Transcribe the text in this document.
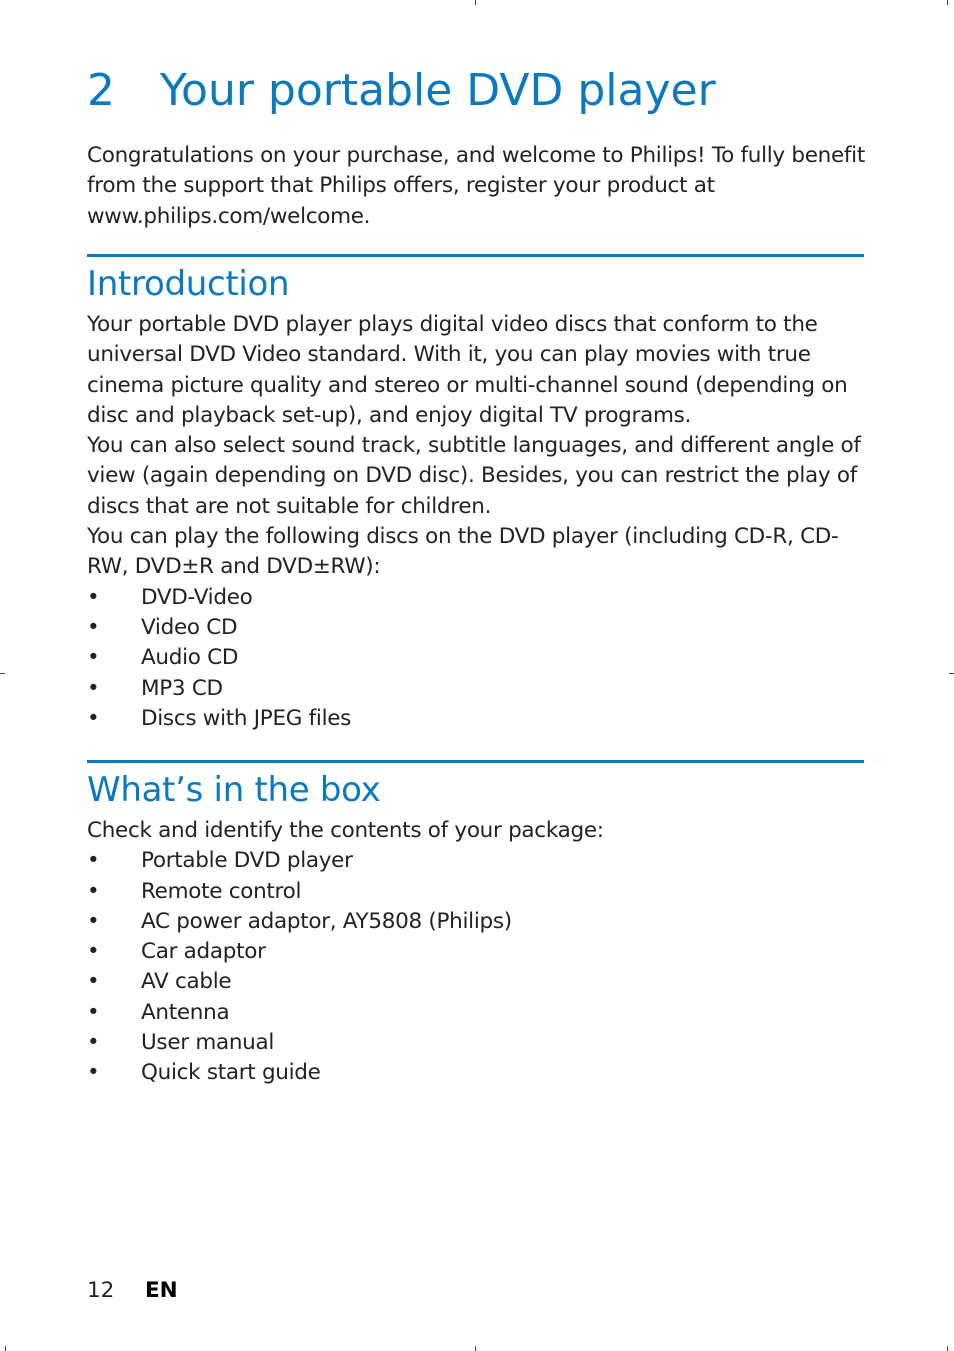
2 Your portable DVD player

Congratulations on your purchase, and welcome to Philips! To fully benefit from the support that Philips offers, register your product at www.philips.com/welcome.

Introduction

Your portable DVD player plays digital video discs that conform to the universal DVD Video standard. With it, you can play movies with true cinema picture quality and stereo or multi-channel sound (depending on disc and playback set-up), and enjoy digital TV programs.

You can also select sound track, subtitle languages, and different angle of view (again depending on DVD disc). Besides, you can restrict the play of discs that are not suitable for children.

You can play the following discs on the DVD player (including CD-R, CD-RW, DVD±R and DVD±RW):

• DVD-Video
• Video CD
• Audio CD
• MP3 CD
• Discs with JPEG files
What’s in the box

Check and identify the contents of your package:

• Portable DVD player
• Remote control
• AC power adaptor, AY5808 (Philips)
• Car adaptor
• AV cable
• Antenna
• User manual
• Quick start guide
12 EN
